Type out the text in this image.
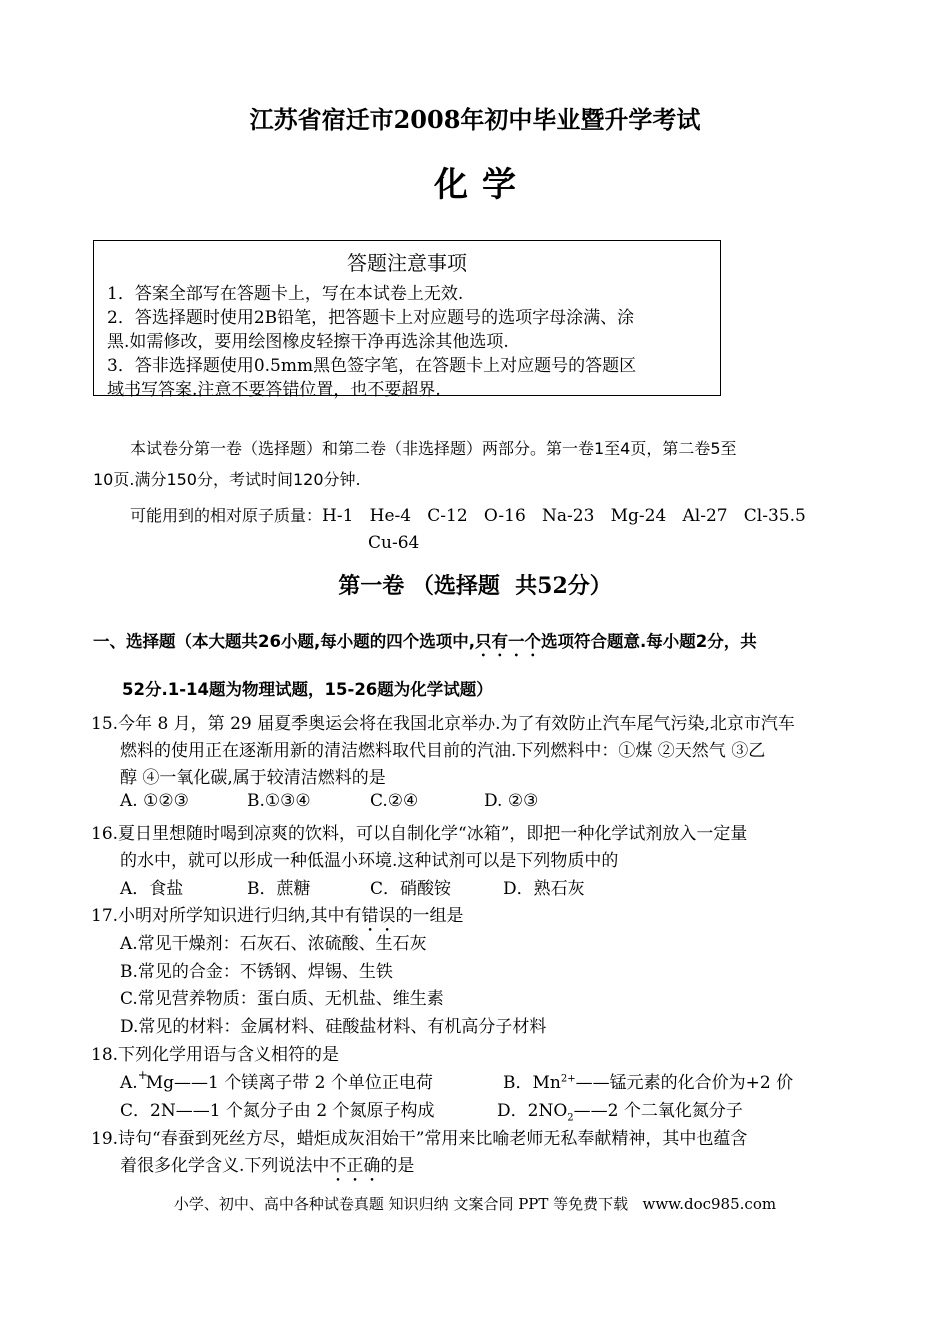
江苏省宿迁市2008年初中毕业暨升学考试
化学
答题注意事项
1．答案全部写在答题卡上，写在本试卷上无效.
2．答选择题时使用2B铅笔，把答题卡上对应题号的选项字母涂满、涂
黑.如需修改，要用绘图橡皮轻擦干净再选涂其他选项.
3．答非选择题使用0.5mm黑色签字笔，在答题卡上对应题号的答题区
域书写答案.注意不要答错位置，也不要超界.
本试卷分第一卷（选择题）和第二卷（非选择题）两部分。第一卷1至4页，第二卷5至
10页.满分150分，考试时间120分钟.
可能用到的相对原子质量：H-1   He-4   C-12   O-16   Na-23   Mg-24   Al-27   Cl-35.5
Cu-64
第一卷 （选择题  共52分）
一、选择题（本大题共26小题,每小题的四个选项中,只有一个选项符合题意.每小题2分，共
52分.1-14题为物理试题，15-26题为化学试题）
15.今年 8 月，第 29 届夏季奥运会将在我国北京举办.为了有效防止汽车尾气污染,北京市汽车
燃料的使用正在逐渐用新的清洁燃料取代目前的汽油.下列燃料中：①煤 ②天然气 ③乙
醇 ④一氧化碳,属于较清洁燃料的是
A. ①②③	B.①③④	C.②④	D. ②③
16.夏日里想随时喝到凉爽的饮料，可以自制化学“冰箱”，即把一种化学试剂放入一定量
的水中，就可以形成一种低温小环境.这种试剂可以是下列物质中的
A．食盐	B．蔗糖	C．硝酸铵	D．熟石灰
17.小明对所学知识进行归纳,其中有错误的一组是
A.常见干燥剂：石灰石、浓硫酸、生石灰
B.常见的合金：不锈钢、焊锡、生铁
C.常见营养物质：蛋白质、无机盐、维生素
D.常见的材料：金属材料、硅酸盐材料、有机高分子材料
18.下列化学用语与含义相符的是
A.+Mg——1 个镁离子带 2 个单位正电荷	B．$Mn^{2+}——$锰元素的化合价为+2 价
C．2N——1 个氮分子由 2 个氮原子构成	D．$2NO_2——2$ 个二氧化氮分子
19.诗句“春蚕到死丝方尽，蜡炬成灰泪始干”常用来比喻老师无私奉献精神，其中也蕴含
着很多化学含义.下列说法中不正确的是
小学、初中、高中各种试卷真题 知识归纳 文案合同 PPT 等免费下载   www.doc985.com
